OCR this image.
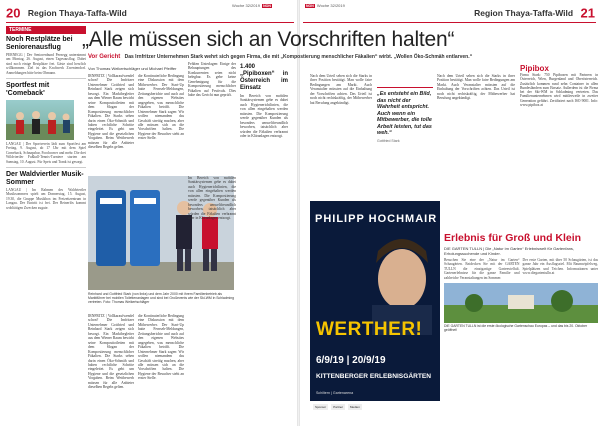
20 Region Thaya-Taffa-Wild
Woche 32/2019 NÖN	NÖN Woche 32/2019
Region Thaya-Taffa-Wild 21
TERMINE
Noch Restplätze bei Seniorenausflug
PERNEGG | Der Seniorenbund Pernegg unternimmt am Montag, 26. August, einen Tagesausflug. Dabei sind noch einige Restplätze frei. Gäste sind herzlich willkommen. Ziel ist das Kraftwerk Zwentendorf. Anmeldungen bitte beim Obmann.
Sportfest mit 'Comeback'
LANGAU | Der Sportverein lädt zum Sportfest am Freitag, 9. August, ab 17 Uhr mit dem Spiel Comeback, Schnapsbar, Foodcorner und mehr. Die drei Wildviertler Fußball-Tennis-Turniere starten am Samstag, 10. August. Für Speis und Trank ist gesorgt.
Der Waldviertler Musik-Sommer
LANGAU | Im Rahmen des Waldviertler Musiksommers spielt am Donnerstag, 15. August, 19.30, die Gruppe Musikbox im Freizeitzentrum in Langau. Der Eintritt ist frei. Der Reinerlös kommt wohltätigen Zwecken zugute.
„Alle müssen sich an Vorschriften halten“
Vor Gericht Das Irnfritzer Unternehmen Stark wehrt sich gegen Firma, die mit „Kompostierung menschlicher Fäkalien“ wirbt. „Wollen Öko-Schmäh entlarven.“
Von Thomas Weikertschläger und Michael Pfeiffer
IRNFRITZ | Vollkaraufwendel schon? Die Irnfritzer Unternehmer Gottfried und Reinhard Stark zeigen sich besorgt. Ein Marktbegleiter aus dem Wiener Raum bewirbt seine Komposttoiletten mit dem Slogan der Kompostierung menschlicher Fäkalien. Die Starks sehen darin einen Öko-Schmäh und haben rechtliche Schritte eingeleitet. Es geht um Hygiene und die gesetzlichen Vorgaben. Beim Wettbewerb müssen für alle Anbieter dieselben Regeln gelten.
die Kontinuierliche Bedingung eine Diskussion mit dem Mitbewerber. Der Start-Up hatte Fernseh-Meldungen, Zeitungsberichte und auch auf den eigenen Websites angegeben, was menschliche Fäkalien betrifft. Die Unternehmer Stark sagen: Wir wollen niemandem das Geschäft streitig machen, aber alle müssen sich an die Vorschriften halten. Die Hygiene der Besucher steht an erster Stelle.
Fehlten Unterlagen: Einige der Behauptungen des Konkurrenten seien nicht belegbar. Es gebe keine Genehmigung für die Kompostierung menschlicher Fäkalien auf Festivals. Dies habe das Gericht nun geprüft.
1.400 „Pipiboxen“ in Österreich im Einsatz
Im Bereich von mobilen Sanitärsystemen gebe es dabei auch Hygienerichtlinien, die von allen eingehalten werden müssten. Die Kompostierung werde gegenüber Kunden als besonders umweltfreundlich beworben, tatsächlich aber würden die Fäkalien verbrannt oder in Kläranlagen entsorgt.
Nach dem Urteil sehen sich die Starks in ihrer Position bestätigt. Man wolle faire Bedingungen am Markt. Auch Veranstalter müssten auf die Einhaltung der Vorschriften achten. Das Urteil ist noch nicht rechtskräftig, der Mitbewerber hat Berufung angekündigt.
Nach dem Urteil sehen sich die Starks in ihrer Position bestätigt. Man wolle faire Bedingungen am Markt. Auch Veranstalter müssten auf die Einhaltung der Vorschriften achten. Das Urteil ist noch nicht rechtskräftig, der Mitbewerber hat Berufung angekündigt.
Reinhard und Gottfried Stark (von links) und dem Jahr 2000 mit ihrem Familienbetrieb als Marktführer bei mobilen Toilettenanlagen und sind bei Großevents wie der Ski-WM in Schladming vertreten. Foto: Thomas Weikertschläger
IRNFRITZ | Vollkaraufwendel schon? Die Irnfritzer Unternehmer Gottfried und Reinhard Stark zeigen sich besorgt. Ein Marktbegleiter aus dem Wiener Raum bewirbt seine Komposttoiletten mit dem Slogan der Kompostierung menschlicher Fäkalien. Die Starks sehen darin einen Öko-Schmäh und haben rechtliche Schritte eingeleitet. Es geht um Hygiene und die gesetzlichen Vorgaben. Beim Wettbewerb müssen für alle Anbieter dieselben Regeln gelten.
die Kontinuierliche Bedingung eine Diskussion mit dem Mitbewerber. Der Start-Up hatte Fernseh-Meldungen, Zeitungsberichte und auch auf den eigenen Websites angegeben, was menschliche Fäkalien betrifft. Die Unternehmer Stark sagen: Wir wollen niemandem das Geschäft streitig machen, aber alle müssen sich an die Vorschriften halten. Die Hygiene der Besucher steht an erster Stelle.
Im Bereich von mobilen Sanitärsystemen gebe es dabei auch Hygienerichtlinien, die von allen eingehalten werden müssten. Die Kompostierung werde gegenüber Kunden als besonders umweltfreundlich beworben, tatsächlich aber würden die Fäkalien verbrannt oder in Kläranlagen entsorgt.
„Es entsteht ein Bild, das nicht der Wahrheit entspricht. Auch wenn ein Mitbewerber, die tolle Arbeit leisten, tut das weh.“
Gottfried Stark
Pipibox
Firma Stark: 750 Pipiboxen mit Partnern in Österreich, Wien, Burgenland und Oberösterreich. Zusätzlich kommen rund zehn Container in allen Bundesländern zum Einsatz. Außerdem ist die Firma bei der Ski-WM in Schladming vertreten. Das Familienunternehmen wird mittlerweile in zweiter Generation geführt. Zertifiziert nach ISO 9001. Info: www.pipibox.at
PHILIPP HOCHMAIR
WERTHER!
6/9/19 | 20/9/19
KITTENBERGER ERLEBNISGÄRTEN
Schiltern | Gartenarena
Sponsor	Partner	Medien
Erlebnis für Groß und Klein
DIE GARTEN TULLN | Die „Natur im Garten“ Erlebniswelt für Gartenfans, Erholungssuchende und Kinder.
Besuchen Sie eine der „Natur im Garten“ Schaugärten. Entdecken Sie mit der GARTEN TULLN die einzigartige Gartenvielfalt. Gartenerlebnisse für die ganze Familie und zahlreiche Veranstaltungen im Sommer.
Der erste Garten, mit über 50 Schaugärten, ist das ganze Jahr ein Ausflugsziel. Mit Baumwipfelweg, Spielplätzen und Teichen. Informationen unter www.diegartentulln.at
DIE GARTEN TULLN ist die erste ökologische Gartenschau Europas – und das bis 20. Oktober geöffnet!
